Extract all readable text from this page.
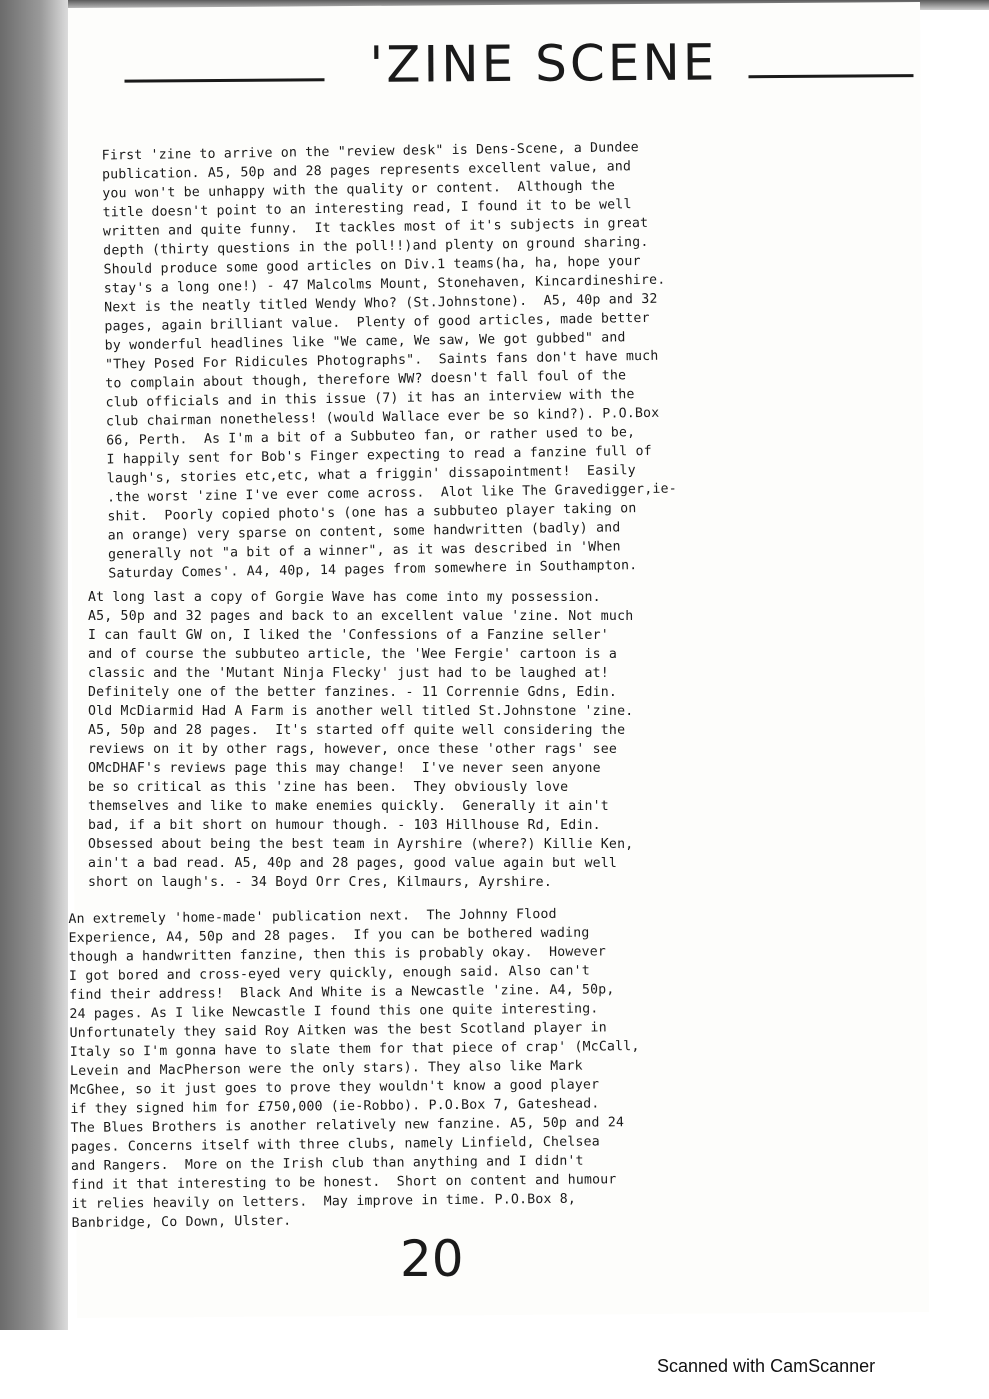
'ZINE SCENE

First 'zine to arrive on the "review desk" is Dens-Scene, a Dundee
publication. A5, 50p and 28 pages represents excellent value, and
you won't be unhappy with the quality or content.  Although the
title doesn't point to an interesting read, I found it to be well
written and quite funny.  It tackles most of it's subjects in great
depth (thirty questions in the poll!!)and plenty on ground sharing.
Should produce some good articles on Div.1 teams(ha, ha, hope your
stay's a long one!) - 47 Malcolms Mount, Stonehaven, Kincardineshire.
Next is the neatly titled Wendy Who? (St.Johnstone).  A5, 40p and 32
pages, again brilliant value.  Plenty of good articles, made better
by wonderful headlines like "We came, We saw, We got gubbed" and
"They Posed For Ridicules Photographs".  Saints fans don't have much
to complain about though, therefore WW? doesn't fall foul of the
club officials and in this issue (7) it has an interview with the
club chairman nonetheless! (would Wallace ever be so kind?). P.O.Box
66, Perth.  As I'm a bit of a Subbuteo fan, or rather used to be,
I happily sent for Bob's Finger expecting to read a fanzine full of
laugh's, stories etc,etc, what a friggin' dissapointment!  Easily
.the worst 'zine I've ever come across.  Alot like The Gravedigger,ie-
shit.  Poorly copied photo's (one has a subbuteo player taking on
an orange) very sparse on content, some handwritten (badly) and
generally not "a bit of a winner", as it was described in 'When
Saturday Comes'. A4, 40p, 14 pages from somewhere in Southampton.

At long last a copy of Gorgie Wave has come into my possession.
A5, 50p and 32 pages and back to an excellent value 'zine. Not much
I can fault GW on, I liked the 'Confessions of a Fanzine seller'
and of course the subbuteo article, the 'Wee Fergie' cartoon is a
classic and the 'Mutant Ninja Flecky' just had to be laughed at!
Definitely one of the better fanzines. - 11 Corrennie Gdns, Edin.
Old McDiarmid Had A Farm is another well titled St.Johnstone 'zine.
A5, 50p and 28 pages.  It's started off quite well considering the
reviews on it by other rags, however, once these 'other rags' see
OMcDHAF's reviews page this may change!  I've never seen anyone
be so critical as this 'zine has been.  They obviously love
themselves and like to make enemies quickly.  Generally it ain't
bad, if a bit short on humour though. - 103 Hillhouse Rd, Edin.
Obsessed about being the best team in Ayrshire (where?) Killie Ken,
ain't a bad read. A5, 40p and 28 pages, good value again but well
short on laugh's. - 34 Boyd Orr Cres, Kilmaurs, Ayrshire.

An extremely 'home-made' publication next.  The Johnny Flood
Experience, A4, 50p and 28 pages.  If you can be bothered wading
though a handwritten fanzine, then this is probably okay.  However
I got bored and cross-eyed very quickly, enough said. Also can't
find their address!  Black And White is a Newcastle 'zine. A4, 50p,
24 pages. As I like Newcastle I found this one quite interesting.
Unfortunately they said Roy Aitken was the best Scotland player in
Italy so I'm gonna have to slate them for that piece of crap' (McCall,
Levein and MacPherson were the only stars). They also like Mark
McGhee, so it just goes to prove they wouldn't know a good player
if they signed him for £750,000 (ie-Robbo). P.O.Box 7, Gateshead.
The Blues Brothers is another relatively new fanzine. A5, 50p and 24
pages. Concerns itself with three clubs, namely Linfield, Chelsea
and Rangers.  More on the Irish club than anything and I didn't
find it that interesting to be honest.  Short on content and humour
it relies heavily on letters.  May improve in time. P.O.Box 8,
Banbridge, Co Down, Ulster.

20

Scanned with CamScanner
